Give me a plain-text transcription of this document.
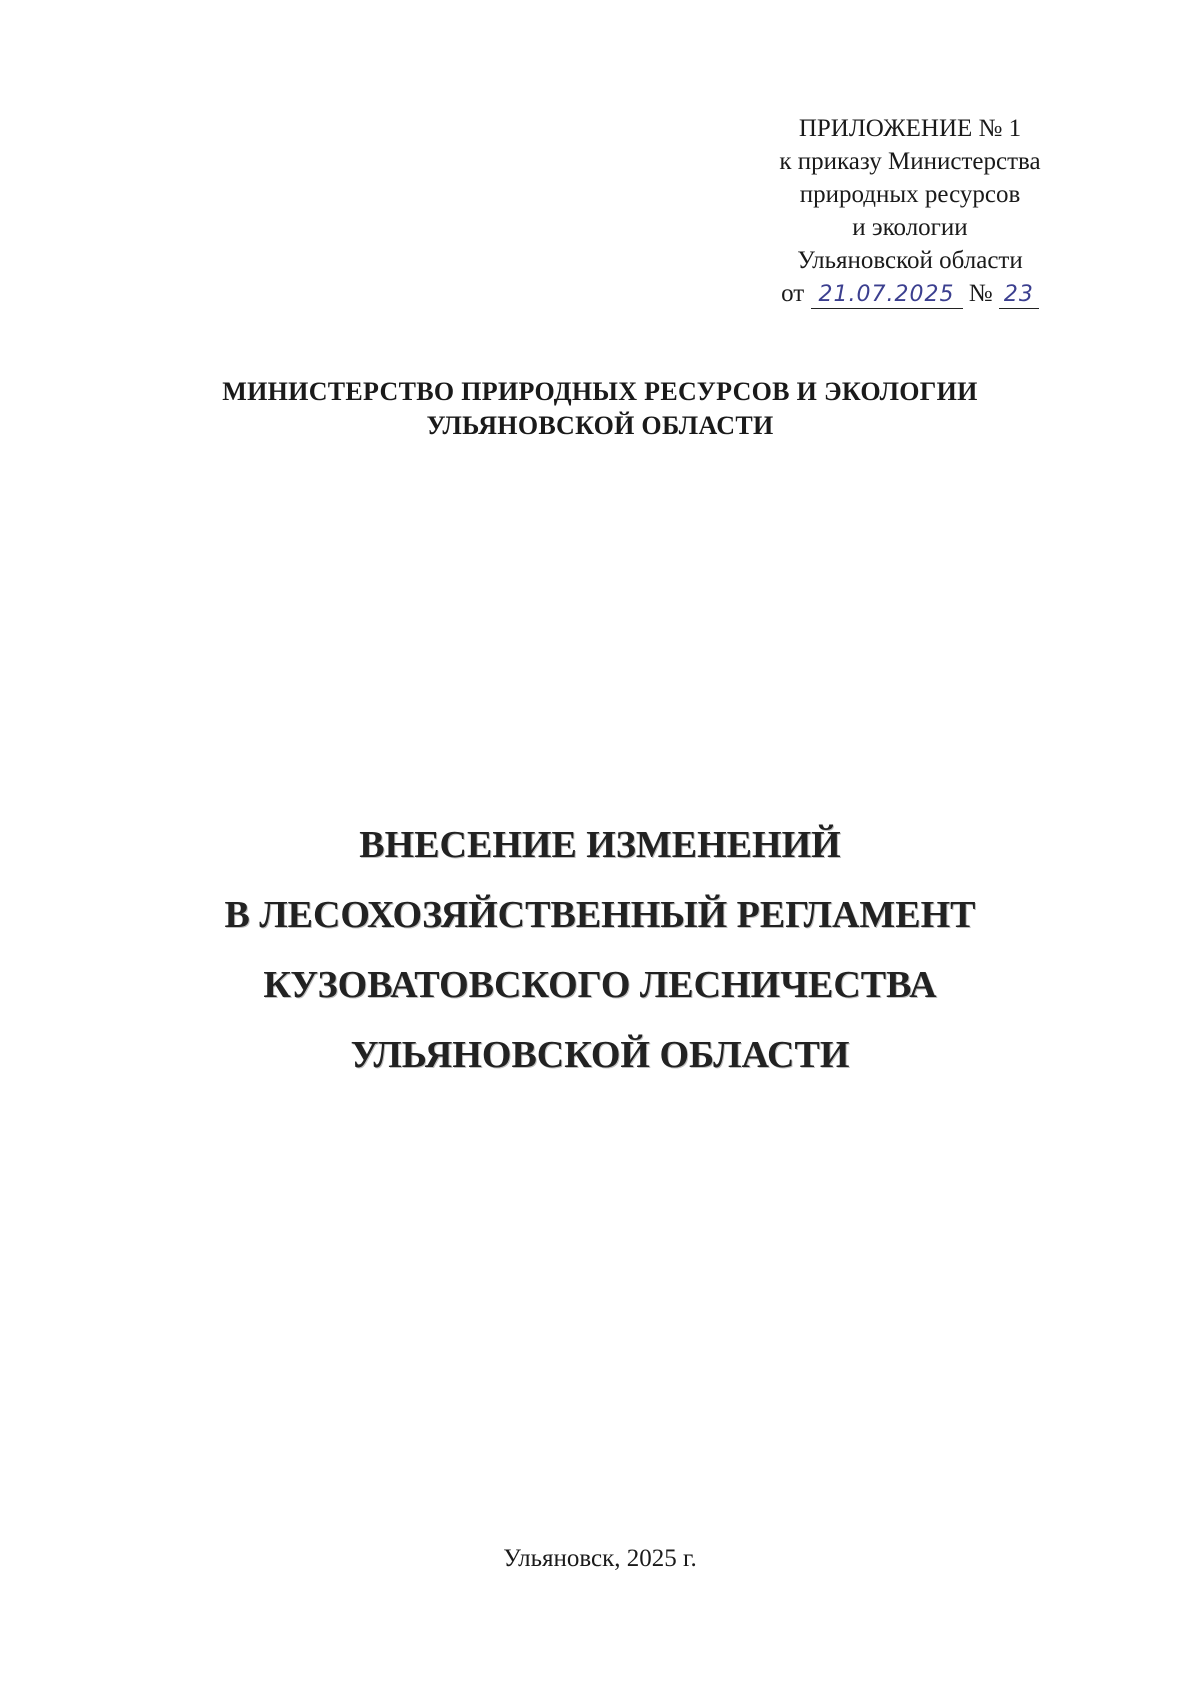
ПРИЛОЖЕНИЕ № 1
к приказу Министерства
природных ресурсов
и экологии
Ульяновской области
от 21.07.2025 № 23
МИНИСТЕРСТВО ПРИРОДНЫХ РЕСУРСОВ И ЭКОЛОГИИ
УЛЬЯНОВСКОЙ ОБЛАСТИ
ВНЕСЕНИЕ ИЗМЕНЕНИЙ
В ЛЕСОХОЗЯЙСТВЕННЫЙ РЕГЛАМЕНТ
КУЗОВАТОВСКОГО ЛЕСНИЧЕСТВА
УЛЬЯНОВСКОЙ ОБЛАСТИ
Ульяновск, 2025 г.
